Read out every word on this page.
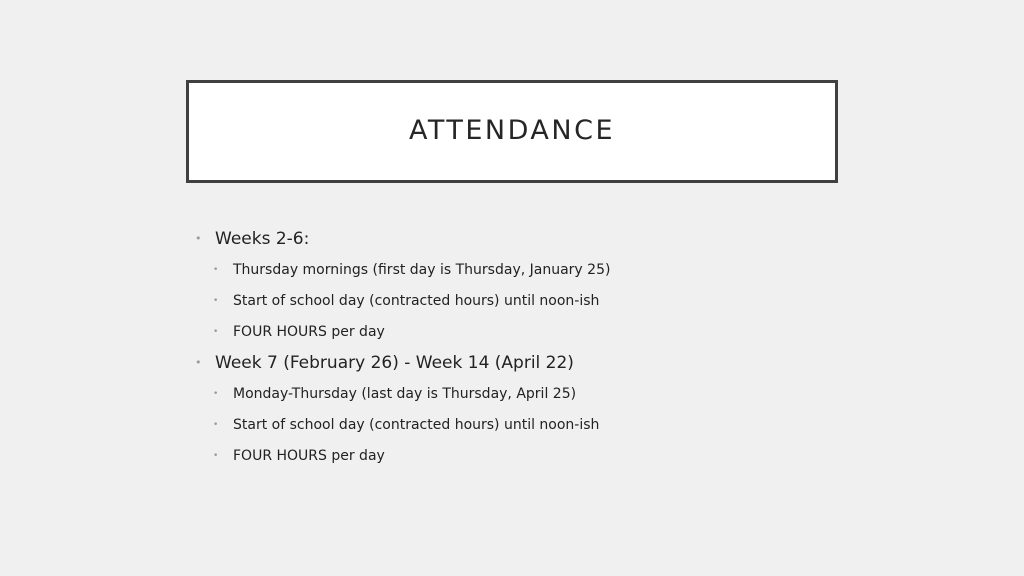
ATTENDANCE
• Weeks 2-6:
• Thursday mornings (first day is Thursday, January 25)
• Start of school day (contracted hours) until noon-ish
• FOUR HOURS per day
• Week 7 (February 26) - Week 14 (April 22)
• Monday-Thursday (last day is Thursday, April 25)
• Start of school day (contracted hours) until noon-ish
• FOUR HOURS per day
